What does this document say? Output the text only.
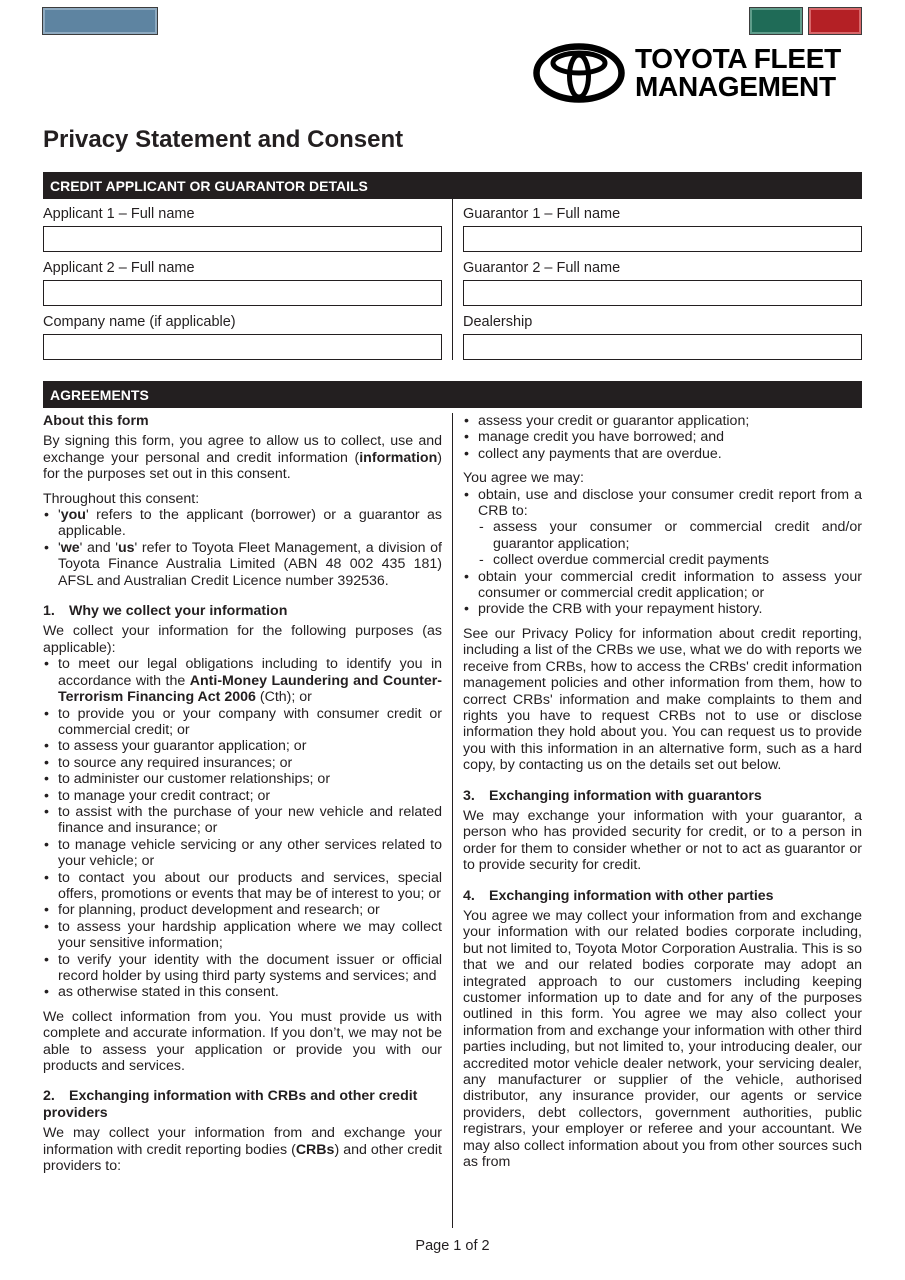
TOYOTA FLEET
MANAGEMENT
Privacy Statement and Consent
CREDIT APPLICANT OR GUARANTOR DETAILS
Applicant 1 – Full name	Guarantor 1 – Full name
Applicant 2 – Full name	Guarantor 2 – Full name
Company name (if applicable)	Dealership
AGREEMENTS
About this form

By signing this form, you agree to allow us to collect, use and exchange your personal and credit information (information) for the purposes set out in this consent.

Throughout this consent:

• 'you' refers to the applicant (borrower) or a guarantor as applicable.
• 'we' and 'us' refer to Toyota Fleet Management, a division of Toyota Finance Australia Limited (ABN 48 002 435 181) AFSL and Australian Credit Licence number 392536.
1. Why we collect your information

We collect your information for the following purposes (as applicable):

• to meet our legal obligations including to identify you in accordance with the Anti-Money Laundering and Counter-Terrorism Financing Act 2006 (Cth); or
• to provide you or your company with consumer credit or commercial credit; or
• to assess your guarantor application; or
• to source any required insurances; or
• to administer our customer relationships; or
• to manage your credit contract; or
• to assist with the purchase of your new vehicle and related finance and insurance; or
• to manage vehicle servicing or any other services related to your vehicle; or
• to contact you about our products and services, special offers, promotions or events that may be of interest to you; or
• for planning, product development and research; or
• to assess your hardship application where we may collect your sensitive information;
• to verify your identity with the document issuer or official record holder by using third party systems and services; and
• as otherwise stated in this consent.

We collect information from you. You must provide us with complete and accurate information. If you don’t, we may not be able to assess your application or provide you with our products and services.

2. Exchanging information with CRBs and other credit providers

We may collect your information from and exchange your information with credit reporting bodies (CRBs) and other credit providers to:

• assess your credit or guarantor application;
• manage credit you have borrowed; and
• collect any payments that are overdue.

You agree we may:

• obtain, use and disclose your consumer credit report from a CRB to:
- assess your consumer or commercial credit and/or guarantor application;
- collect overdue commercial credit payments
• obtain your commercial credit information to assess your consumer or commercial credit application; or
• provide the CRB with your repayment history.

See our Privacy Policy for information about credit reporting, including a list of the CRBs we use, what we do with reports we receive from CRBs, how to access the CRBs' credit information management policies and other information from them, how to correct CRBs' information and make complaints to them and rights you have to request CRBs not to use or disclose information they hold about you. You can request us to provide you with this information in an alternative form, such as a hard copy, by contacting us on the details set out below.

3. Exchanging information with guarantors

We may exchange your information with your guarantor, a person who has provided security for credit, or to a person in order for them to consider whether or not to act as guarantor or to provide security for credit.

4. Exchanging information with other parties

You agree we may collect your information from and exchange your information with our related bodies corporate including, but not limited to, Toyota Motor Corporation Australia. This is so that we and our related bodies corporate may adopt an integrated approach to our customers including keeping customer information up to date and for any of the purposes outlined in this form. You agree we may also collect your information from and exchange your information with other third parties including, but not limited to, your introducing dealer, our accredited motor vehicle dealer network, your servicing dealer, any manufacturer or supplier of the vehicle, authorised distributor, any insurance provider, our agents or service providers, debt collectors, government authorities, public registrars, your employer or referee and your accountant. We may also collect information about you from other sources such as from

Page 1 of 2
